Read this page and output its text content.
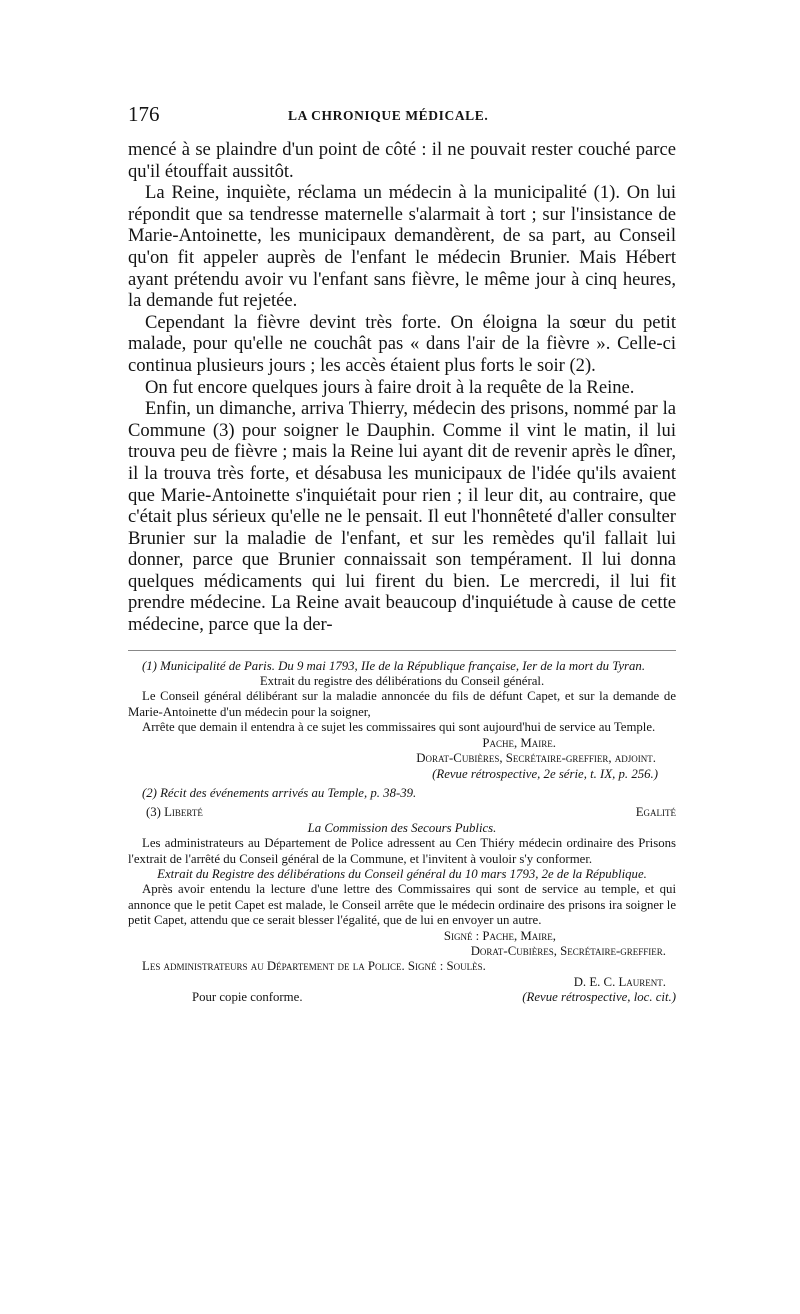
176	LA CHRONIQUE MÉDICALE.

mencé à se plaindre d'un point de côté : il ne pouvait rester couché parce qu'il étouffait aussitôt.

La Reine, inquiète, réclama un médecin à la municipalité (1). On lui répondit que sa tendresse maternelle s'alarmait à tort ; sur l'insistance de Marie-Antoinette, les municipaux demandèrent, de sa part, au Conseil qu'on fit appeler auprès de l'enfant le médecin Brunier. Mais Hébert ayant prétendu avoir vu l'enfant sans fièvre, le même jour à cinq heures, la demande fut rejetée.

Cependant la fièvre devint très forte. On éloigna la sœur du petit malade, pour qu'elle ne couchât pas « dans l'air de la fièvre ». Celle-ci continua plusieurs jours ; les accès étaient plus forts le soir (2).

On fut encore quelques jours à faire droit à la requête de la Reine.

Enfin, un dimanche, arriva Thierry, médecin des prisons, nommé par la Commune (3) pour soigner le Dauphin. Comme il vint le matin, il lui trouva peu de fièvre ; mais la Reine lui ayant dit de revenir après le dîner, il la trouva très forte, et désabusa les municipaux de l'idée qu'ils avaient que Marie-Antoinette s'inquiétait pour rien ; il leur dit, au contraire, que c'était plus sérieux qu'elle ne le pensait. Il eut l'honnêteté d'aller consulter Brunier sur la maladie de l'enfant, et sur les remèdes qu'il fallait lui donner, parce que Brunier connaissait son tempérament. Il lui donna quelques médicaments qui lui firent du bien. Le mercredi, il lui fit prendre médecine. La Reine avait beaucoup d'inquiétude à cause de cette médecine, parce que la der-

(1) Municipalité de Paris. Du 9 mai 1793, IIe de la République française, Ier de la mort du Tyran.

Extrait du registre des délibérations du Conseil général.

Le Conseil général délibérant sur la maladie annoncée du fils de défunt Capet, et sur la demande de Marie-Antoinette d'un médecin pour la soigner,

Arrête que demain il entendra à ce sujet les commissaires qui sont aujourd'hui de service au Temple.

Pache, Maire.

Dorat-Cubières, Secrétaire-greffier, adjoint.

(Revue rétrospective, 2e série, t. IX, p. 256.)

(2) Récit des événements arrivés au Temple, p. 38-39.

(3) Liberté	Egalité

La Commission des Secours Publics.

Les administrateurs au Département de Police adressent au Cen Thiéry médecin ordinaire des Prisons l'extrait de l'arrêté du Conseil général de la Commune, et l'invitent à vouloir s'y conformer.

Extrait du Registre des délibérations du Conseil général du 10 mars 1793, 2e de la République.

Après avoir entendu la lecture d'une lettre des Commissaires qui sont de service au temple, et qui annonce que le petit Capet est malade, le Conseil arrête que le médecin ordinaire des prisons ira soigner le petit Capet, attendu que ce serait blesser l'égalité, que de lui en envoyer un autre.

Signé : Pache, Maire,

Dorat-Cubières, Secrétaire-greffier.

Les administrateurs au Département de la Police. Signé : Soulès.

D. E. C. Laurent.

Pour copie conforme.	(Revue rétrospective, loc. cit.)
